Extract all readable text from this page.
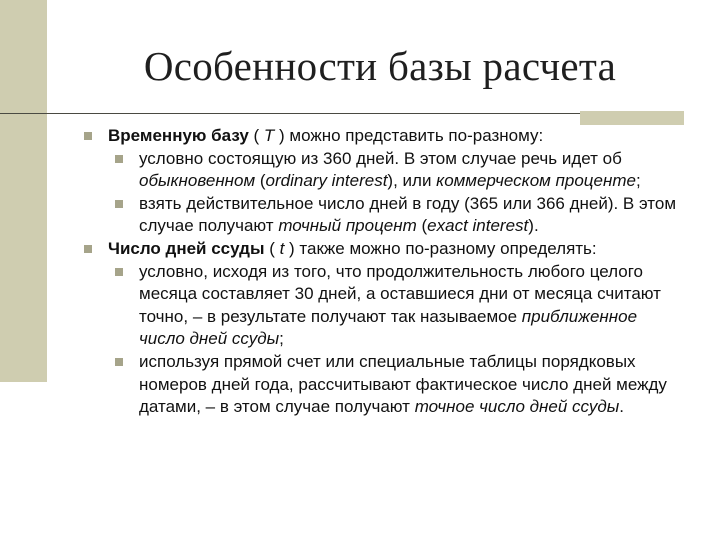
Особенности базы расчета
Временную базу ( T ) можно представить по-разному:
условно состоящую из 360 дней. В этом случае речь идет об обыкновенном (ordinary interest), или коммерческом проценте;
взять действительное число дней в году (365 или 366 дней). В этом случае получают точный процент (exact interest).
Число дней ссуды ( t ) также можно по-разному определять:
условно, исходя из того, что продолжительность любого целого месяца составляет 30 дней, а оставшиеся дни от месяца считают точно, – в результате получают так называемое приближенное число дней ссуды;
используя прямой счет или специальные таблицы порядковых номеров дней года, рассчитывают фактическое число дней между датами, – в этом случае получают точное число дней ссуды.
